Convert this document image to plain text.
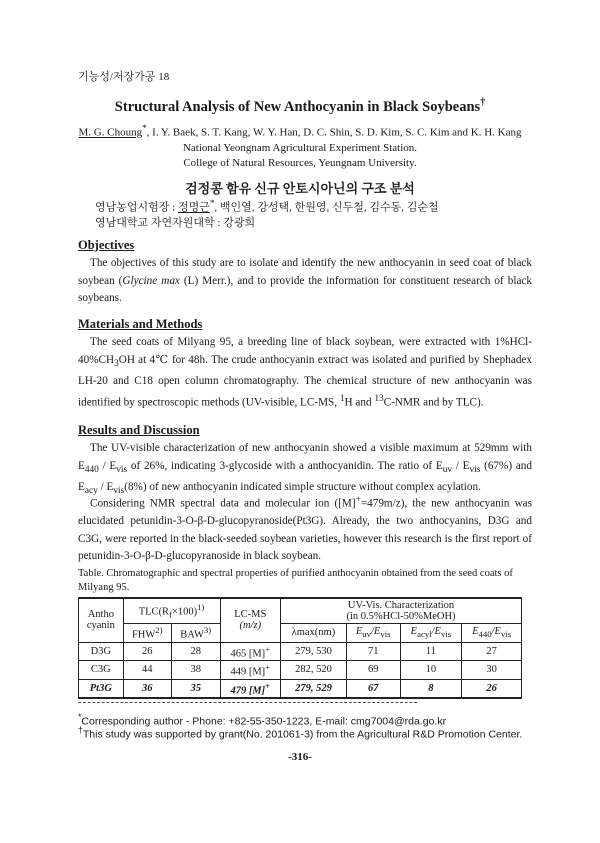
기능성/저장가공 18
Structural Analysis of New Anthocyanin in Black Soybeans†
M. G. Choung*, I. Y. Baek, S. T. Kang, W. Y. Han, D. C. Shin, S. D. Kim, S. C. Kim and K. H. Kang
National Yeongnam Agricultural Experiment Station.
College of Natural Resources, Yeungnam University.
검정콩 함유 신규 안토시아닌의 구조 분석
영남농업시험장 : 정명근*, 백인열, 강성택, 한원영, 신두철, 김수동, 김순철
영남대학교 자연자원대학 : 강광희
Objectives
The objectives of this study are to isolate and identify the new anthocyanin in seed coat of black soybean (Glycine max (L) Merr.), and to provide the information for constituent research of black soybeans.
Materials and Methods
The seed coats of Milyang 95, a breeding line of black soybean, were extracted with $1\%HCl-40\%CH_3OH$ at 4℃ for 48h. The crude anthocyanin extract was isolated and purified by Shephadex LH-20 and C18 open column chromatography. The chemical structure of new anthocyanin was identified by spectroscopic methods (UV-visible, LC-MS, $^1$H and $^{13}$C-NMR and by TLC).
Results and Discussion
The UV-visible characterization of new anthocyanin showed a visible maximum at 529mm with $E_{440} / E_{vis}$ of 26%, indicating 3-glycoside with a anthocyanidin. The ratio of $E_{uv} / E_{vis}$ (67%) and $E_{acy} / E_{vis}(8\%)$ of new anthocyanin indicated simple structure without complex acylation.
Considering NMR spectral data and molecular ion ([M]+=479m/z), the new anthocyanin was elucidated petunidin-3-O-β-D-glucopyranoside(Pt3G). Already, the two anthocyanins, D3G and C3G, were reported in the black-seeded soybean varieties, however this research is the first report of petunidin-3-O-β-D-glucopyranoside in black soybean.
Table. Chromatographic and spectral properties of purified anthocyanin obtained from the seed coats of Milyang 95.
Antho
cyanin	$TLC(R_f\times 100)^{1)}$		LC-MS
(m/z)	UV-Vis. Characterization
(in 0.5%HCl-50%MeOH)			
	FHW$^{2)}$	BAW$^{3)}$		λmax(nm)	$E_{uv}/E_{vis}$	$E_{acyl}/E_{vis}$	$E_{440}/E_{vis}$
D3G	26	28	465 [M]+	279, 530	71	11	27
C3G	44	38	449 [M]+	282, 520	69	10	30
Pt3G	36	35	479 [M]+	279, 529	67	8	26
-------------------------------------------------------------------------
*Corresponding author - Phone: +82-55-350-1223, E-mail: cmg7004@rda.go.kr
†This study was supported by grant(No. 201061-3) from the Agricultural R&D Promotion Center.
-316-
